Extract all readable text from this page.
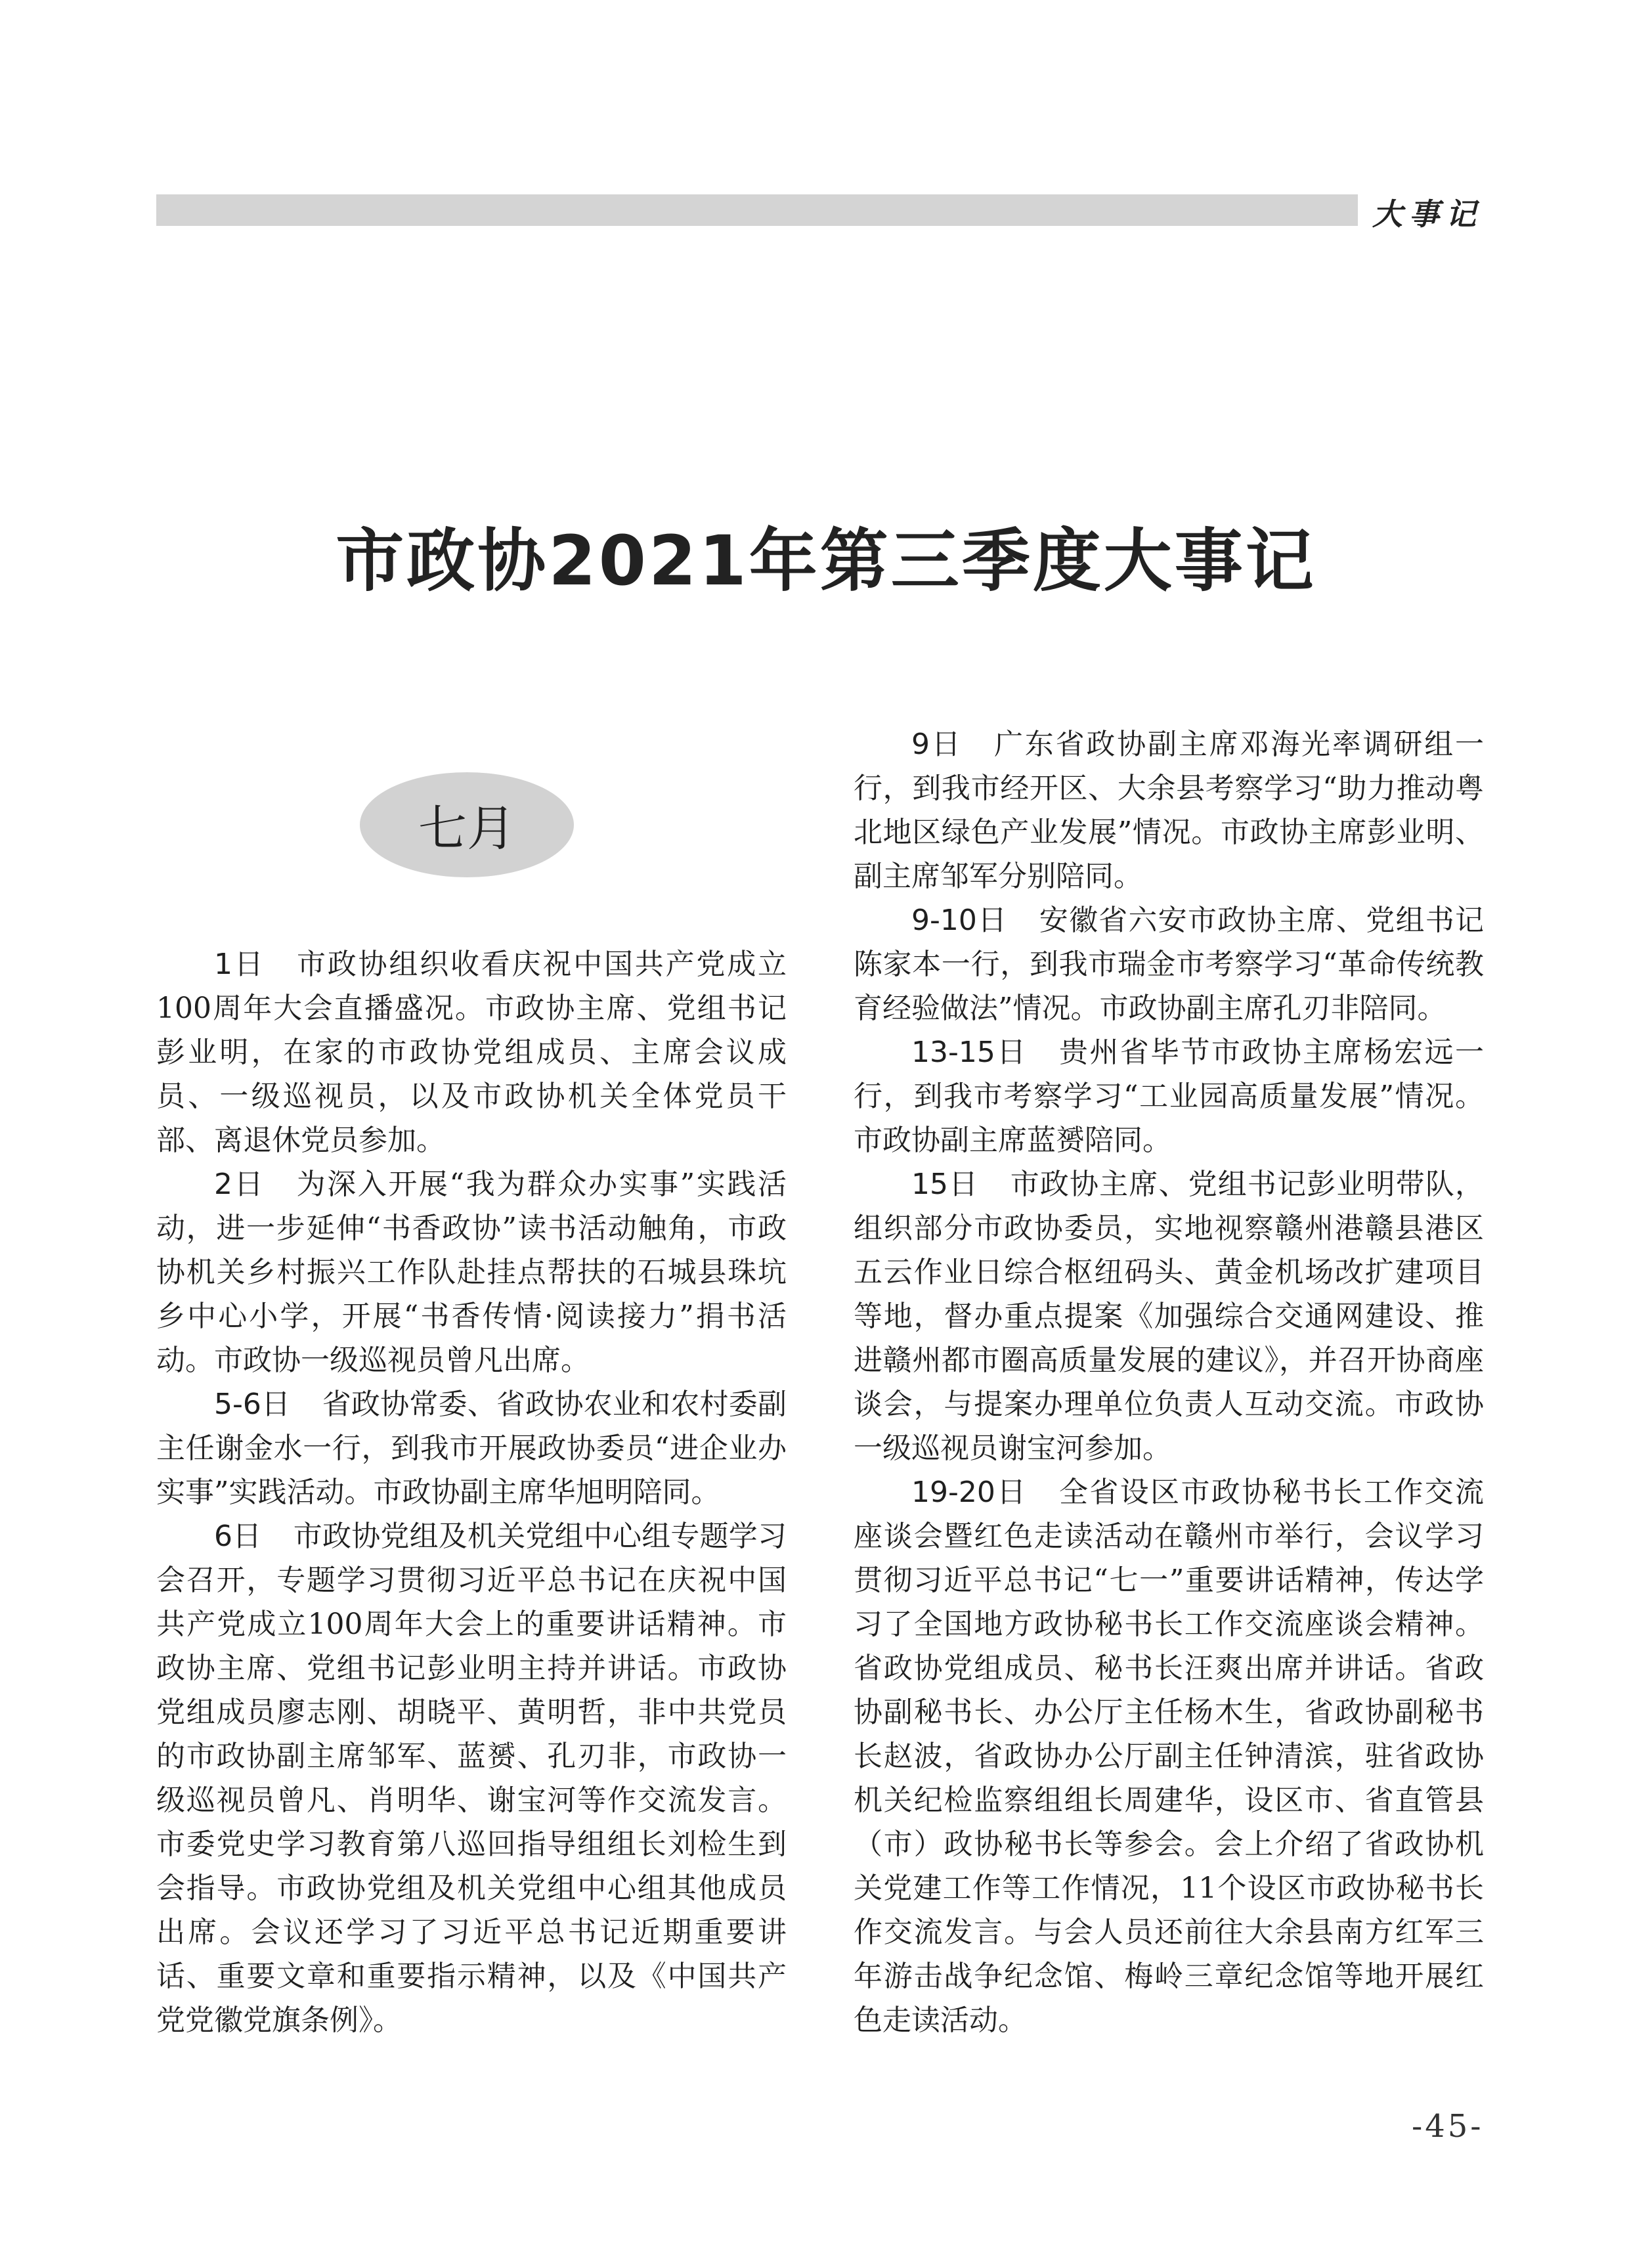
大事记
市政协2021年第三季度大事记
七月

1日 市政协组织收看庆祝中国共产党成立100周年大会直播盛况。市政协主席、党组书记彭业明，在家的市政协党组成员、主席会议成员、一级巡视员，以及市政协机关全体党员干部、离退休党员参加。

2日 为深入开展“我为群众办实事”实践活动，进一步延伸“书香政协”读书活动触角，市政协机关乡村振兴工作队赴挂点帮扶的石城县珠坑乡中心小学，开展“书香传情·阅读接力”捐书活动。市政协一级巡视员曾凡出席。

5-6日 省政协常委、省政协农业和农村委副主任谢金水一行，到我市开展政协委员“进企业办实事”实践活动。市政协副主席华旭明陪同。

6日 市政协党组及机关党组中心组专题学习会召开，专题学习贯彻习近平总书记在庆祝中国共产党成立100周年大会上的重要讲话精神。市政协主席、党组书记彭业明主持并讲话。市政协党组成员廖志刚、胡晓平、黄明哲，非中共党员的市政协副主席邹军、蓝赟、孔刃非，市政协一级巡视员曾凡、肖明华、谢宝河等作交流发言。市委党史学习教育第八巡回指导组组长刘检生到会指导。市政协党组及机关党组中心组其他成员出席。会议还学习了习近平总书记近期重要讲话、重要文章和重要指示精神，以及《中国共产党党徽党旗条例》。

9日 广东省政协副主席邓海光率调研组一行，到我市经开区、大余县考察学习“助力推动粤北地区绿色产业发展”情况。市政协主席彭业明、副主席邹军分别陪同。

9-10日 安徽省六安市政协主席、党组书记陈家本一行，到我市瑞金市考察学习“革命传统教育经验做法”情况。市政协副主席孔刃非陪同。

13-15日 贵州省毕节市政协主席杨宏远一行，到我市考察学习“工业园高质量发展”情况。市政协副主席蓝赟陪同。

15日 市政协主席、党组书记彭业明带队，组织部分市政协委员，实地视察赣州港赣县港区五云作业日综合枢纽码头、黄金机场改扩建项目等地，督办重点提案《加强综合交通网建设、推进赣州都市圈高质量发展的建议》，并召开协商座谈会，与提案办理单位负责人互动交流。市政协一级巡视员谢宝河参加。

19-20日 全省设区市政协秘书长工作交流座谈会暨红色走读活动在赣州市举行，会议学习贯彻习近平总书记“七一”重要讲话精神，传达学习了全国地方政协秘书长工作交流座谈会精神。省政协党组成员、秘书长汪爽出席并讲话。省政协副秘书长、办公厅主任杨木生，省政协副秘书长赵波，省政协办公厅副主任钟清滨，驻省政协机关纪检监察组组长周建华，设区市、省直管县（市）政协秘书长等参会。会上介绍了省政协机关党建工作等工作情况，11个设区市政协秘书长作交流发言。与会人员还前往大余县南方红军三年游击战争纪念馆、梅岭三章纪念馆等地开展红色走读活动。

-45-
